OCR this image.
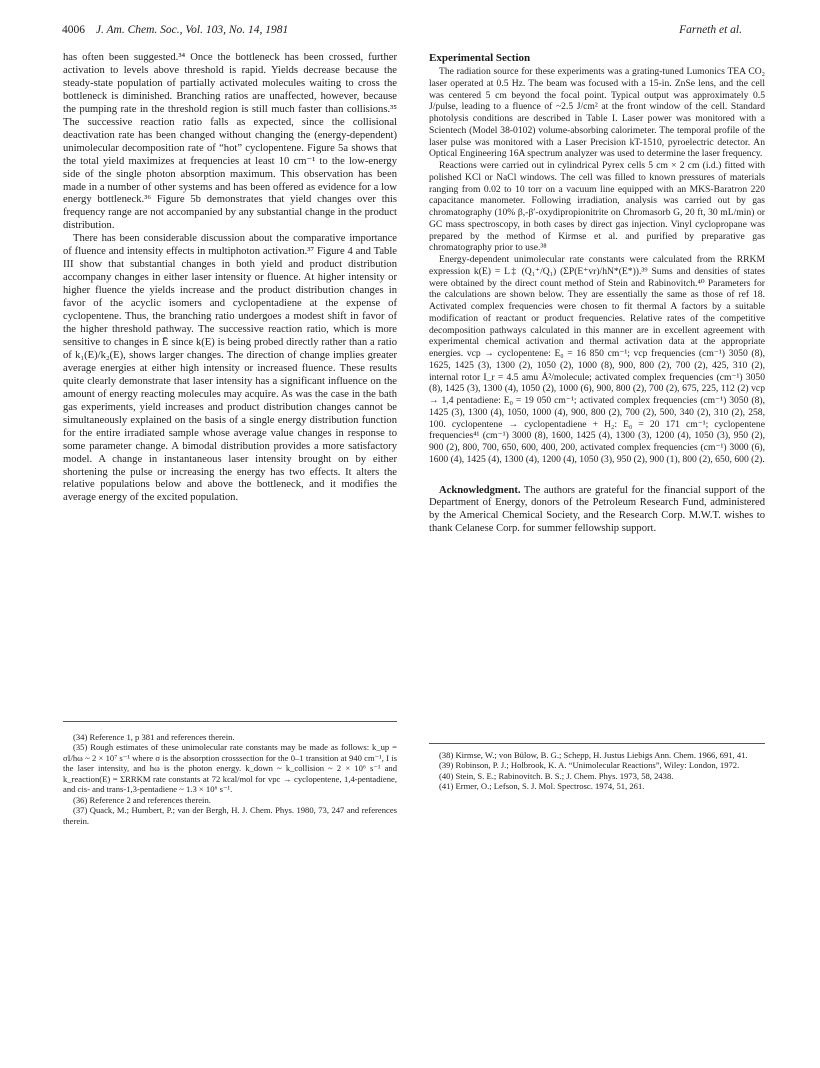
4006 J. Am. Chem. Soc., Vol. 103, No. 14, 1981	Farneth et al.

has often been suggested.³⁴ Once the bottleneck has been crossed, further activation to levels above threshold is rapid. Yields decrease because the steady-state population of partially activated molecules waiting to cross the bottleneck is diminished. Branching ratios are unaffected, however, because the pumping rate in the threshold region is still much faster than collisions.³⁵ The successive reaction ratio falls as expected, since the collisional deactivation rate has been changed without changing the (energy-dependent) unimolecular decomposition rate of “hot” cyclopentene. Figure 5a shows that the total yield maximizes at frequencies at least 10 cm⁻¹ to the low-energy side of the single photon absorption maximum. This observation has been made in a number of other systems and has been offered as evidence for a low energy bottleneck.³⁶ Figure 5b demonstrates that yield changes over this frequency range are not accompanied by any substantial change in the product distribution.

There has been considerable discussion about the comparative importance of fluence and intensity effects in multiphoton activation.³⁷ Figure 4 and Table III show that substantial changes in both yield and product distribution accompany changes in either laser intensity or fluence. At higher intensity or higher fluence the yields increase and the product distribution changes in favor of the acyclic isomers and cyclopentadiene at the expense of cyclopentene. Thus, the branching ratio undergoes a modest shift in favor of the higher threshold pathway. The successive reaction ratio, which is more sensitive to changes in Ē since k(E) is being probed directly rather than a ratio of k₁(E)/k₂(E), shows larger changes. The direction of change implies greater average energies at either high intensity or increased fluence. These results quite clearly demonstrate that laser intensity has a significant influence on the amount of energy reacting molecules may acquire. As was the case in the bath gas experiments, yield increases and product distribution changes cannot be simultaneously explained on the basis of a single energy distribution function for the entire irradiated sample whose average value changes in response to some parameter change. A bimodal distribution provides a more satisfactory model. A change in instantaneous laser intensity brought on by either shortening the pulse or increasing the energy has two effects. It alters the relative populations below and above the bottleneck, and it modifies the average energy of the excited population.

(34) Reference 1, p 381 and references therein.

(35) Rough estimates of these unimolecular rate constants may be made as follows: k_up = σI/hω ~ 2 × 10⁷ s⁻¹ where σ is the absorption crosssection for the 0–1 transition at 940 cm⁻¹, I is the laser intensity, and hω is the photon energy. k_down ~ k_collision ~ 2 × 10⁶ s⁻¹ and k_reaction(E) = ΣRRKM rate constants at 72 kcal/mol for vpc → cyclopentene, 1,4-pentadiene, and cis- and trans-1,3-pentadiene ~ 1.3 × 10⁶ s⁻¹.

(36) Reference 2 and references therein.

(37) Quack, M.; Humbert, P.; van der Bergh, H. J. Chem. Phys. 1980, 73, 247 and references therein.

Experimental Section

The radiation source for these experiments was a grating-tuned Lumonics TEA CO₂ laser operated at 0.5 Hz. The beam was focused with a 15-in. ZnSe lens, and the cell was centered 5 cm beyond the focal point. Typical output was approximately 0.5 J/pulse, leading to a fluence of ~2.5 J/cm² at the front window of the cell. Standard photolysis conditions are described in Table I. Laser power was monitored with a Scientech (Model 38-0102) volume-absorbing calorimeter. The temporal profile of the laser pulse was monitored with a Laser Precision kT-1510, pyroelectric detector. An Optical Engineering 16A spectrum analyzer was used to determine the laser frequency.

Reactions were carried out in cylindrical Pyrex cells 5 cm × 2 cm (i.d.) fitted with polished KCl or NaCl windows. The cell was filled to known pressures of materials ranging from 0.02 to 10 torr on a vacuum line equipped with an MKS-Baratron 220 capacitance manometer. Following irradiation, analysis was carried out by gas chromatography (10% β,-β′-oxydipropionitrite on Chromasorb G, 20 ft, 30 mL/min) or GC mass spectroscopy, in both cases by direct gas injection. Vinyl cyclopropane was prepared by the method of Kirmse et al. and purified by preparative gas chromatography prior to use.³⁸

Energy-dependent unimolecular rate constants were calculated from the RRKM expression k(E) = L‡ (Q₁⁺/Q₁) (ΣP(E⁺vr)/hN*(E*)).³⁹ Sums and densities of states were obtained by the direct count method of Stein and Rabinovitch.⁴⁰ Parameters for the calculations are shown below. They are essentially the same as those of ref 18. Activated complex frequencies were chosen to fit thermal A factors by a suitable modification of reactant or product frequencies. Relative rates of the competitive decomposition pathways calculated in this manner are in excellent agreement with experimental chemical activation and thermal activation data at the appropriate energies. vcp → cyclopentene: E₀ = 16 850 cm⁻¹; vcp frequencies (cm⁻¹) 3050 (8), 1625, 1425 (3), 1300 (2), 1050 (2), 1000 (8), 900, 800 (2), 700 (2), 425, 310 (2), internal rotor I_r = 4.5 amu Å²/molecule; activated complex frequencies (cm⁻¹) 3050 (8), 1425 (3), 1300 (4), 1050 (2), 1000 (6), 900, 800 (2), 700 (2), 675, 225, 112 (2) vcp → 1,4 pentadiene: E₀ = 19 050 cm⁻¹; activated complex frequencies (cm⁻¹) 3050 (8), 1425 (3), 1300 (4), 1050, 1000 (4), 900, 800 (2), 700 (2), 500, 340 (2), 310 (2), 258, 100. cyclopentene → cyclopentadiene + H₂: E₀ = 20 171 cm⁻¹; cyclopentene frequencies⁴¹ (cm⁻¹) 3000 (8), 1600, 1425 (4), 1300 (3), 1200 (4), 1050 (3), 950 (2), 900 (2), 800, 700, 650, 600, 400, 200, activated complex frequencies (cm⁻¹) 3000 (6), 1600 (4), 1425 (4), 1300 (4), 1200 (4), 1050 (3), 950 (2), 900 (1), 800 (2), 650, 600 (2).

Acknowledgment. The authors are grateful for the financial support of the Department of Energy, donors of the Petroleum Research Fund, administered by the Americal Chemical Society, and the Research Corp. M.W.T. wishes to thank Celanese Corp. for summer fellowship support.

(38) Kirmse, W.; von Bülow, B. G.; Schepp, H. Justus Liebigs Ann. Chem. 1966, 691, 41.

(39) Robinson, P. J.; Holbrook, K. A. “Unimolecular Reactions”, Wiley: London, 1972.

(40) Stein, S. E.; Rabinovitch. B. S.; J. Chem. Phys. 1973, 58, 2438.

(41) Ermer, O.; Lefson, S. J. Mol. Spectrosc. 1974, 51, 261.
